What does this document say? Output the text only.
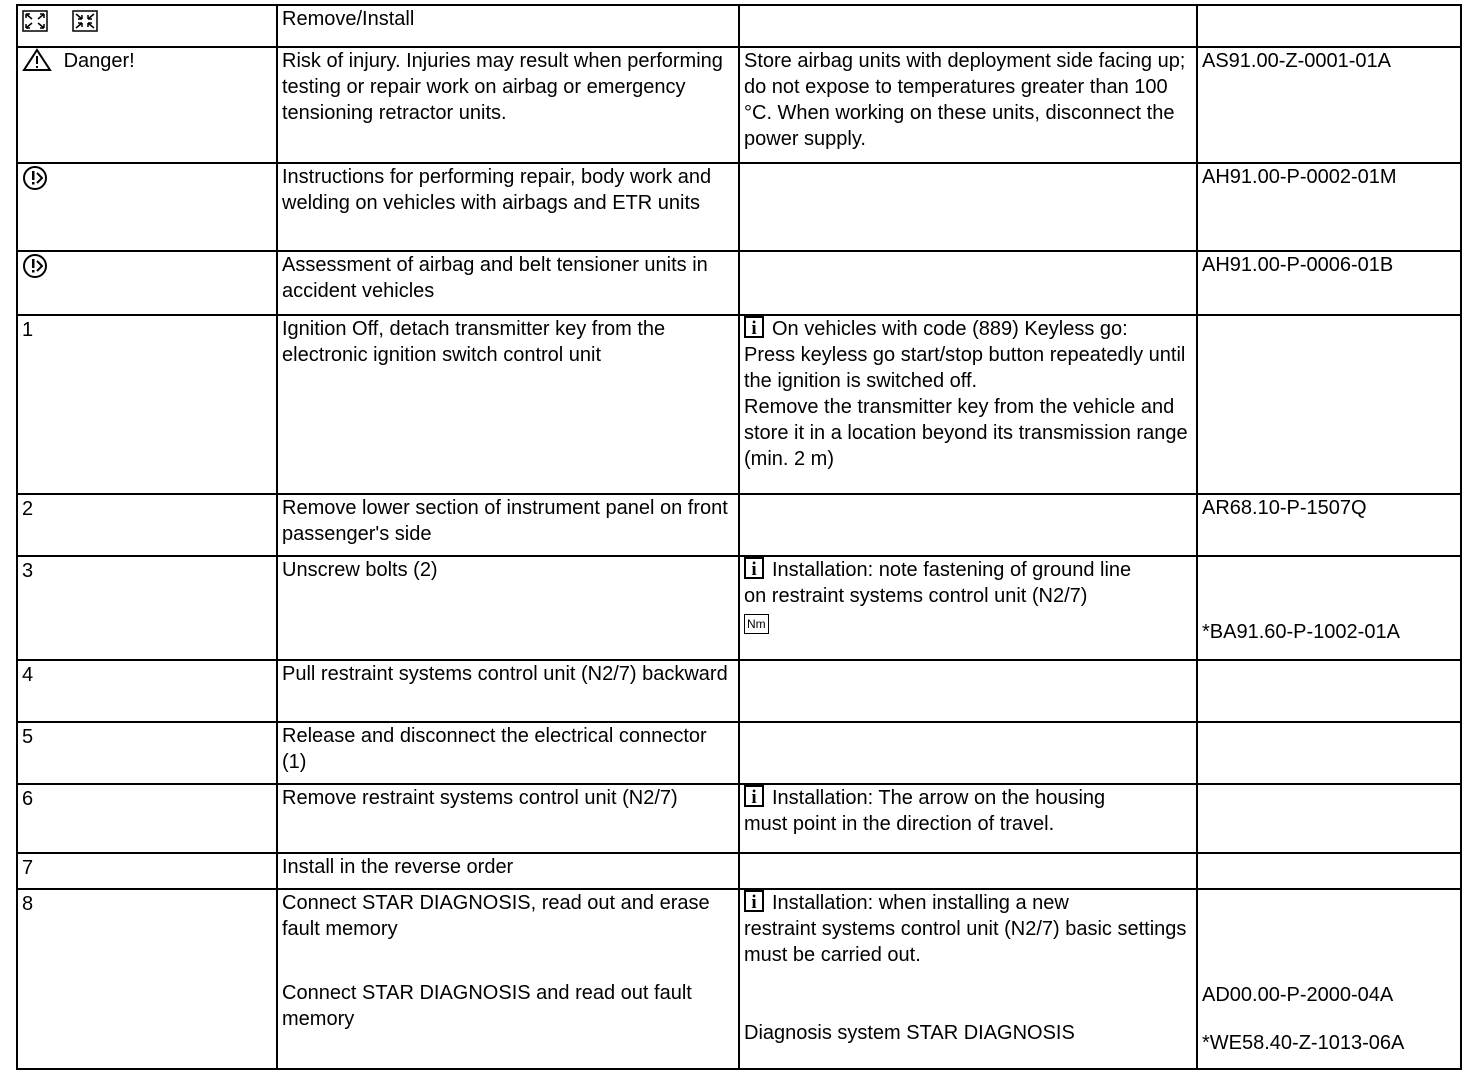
	Remove/Install		
Danger!	Risk of injury. Injuries may result when performing testing or repair work on airbag or emergency tensioning retractor units.	Store airbag units with deployment side facing up; do not expose to temperatures greater than 100 °C. When working on these units, disconnect the power supply.	AS91.00-Z-0001-01A
	Instructions for performing repair, body work and welding on vehicles with airbags and ETR units		AH91.00-P-0002-01M
	Assessment of airbag and belt tensioner units in accident vehicles		AH91.00-P-0006-01B

1	Ignition Off, detach transmitter key from the electronic ignition switch control unit	i On vehicles with code (889) Keyless go:
Press keyless go start/stop button repeatedly until the ignition is switched off.
Remove the transmitter key from the vehicle and store it in a location beyond its transmission range (min. 2 m)	

2	Remove lower section of instrument panel on front passenger's side		AR68.10-P-1507Q

3	Unscrew bolts (2)	i Installation: note fastening of ground line
on restraint systems control unit (N2/7)
Nm	*BA91.60-P-1002-01A

4	Pull restraint systems control unit (N2/7) backward		

5	Release and disconnect the electrical connector (1)		

6	Remove restraint systems control unit (N2/7)	i Installation: The arrow on the housing
must point in the direction of travel.	

7	Install in the reverse order		

8	Connect STAR DIAGNOSIS, read out and erase fault memory
Connect STAR DIAGNOSIS and read out fault memory	i Installation: when installing a new
restraint systems control unit (N2/7) basic settings must be carried out.
Diagnosis system STAR DIAGNOSIS	AD00.00-P-2000-04A
*WE58.40-Z-1013-06A
